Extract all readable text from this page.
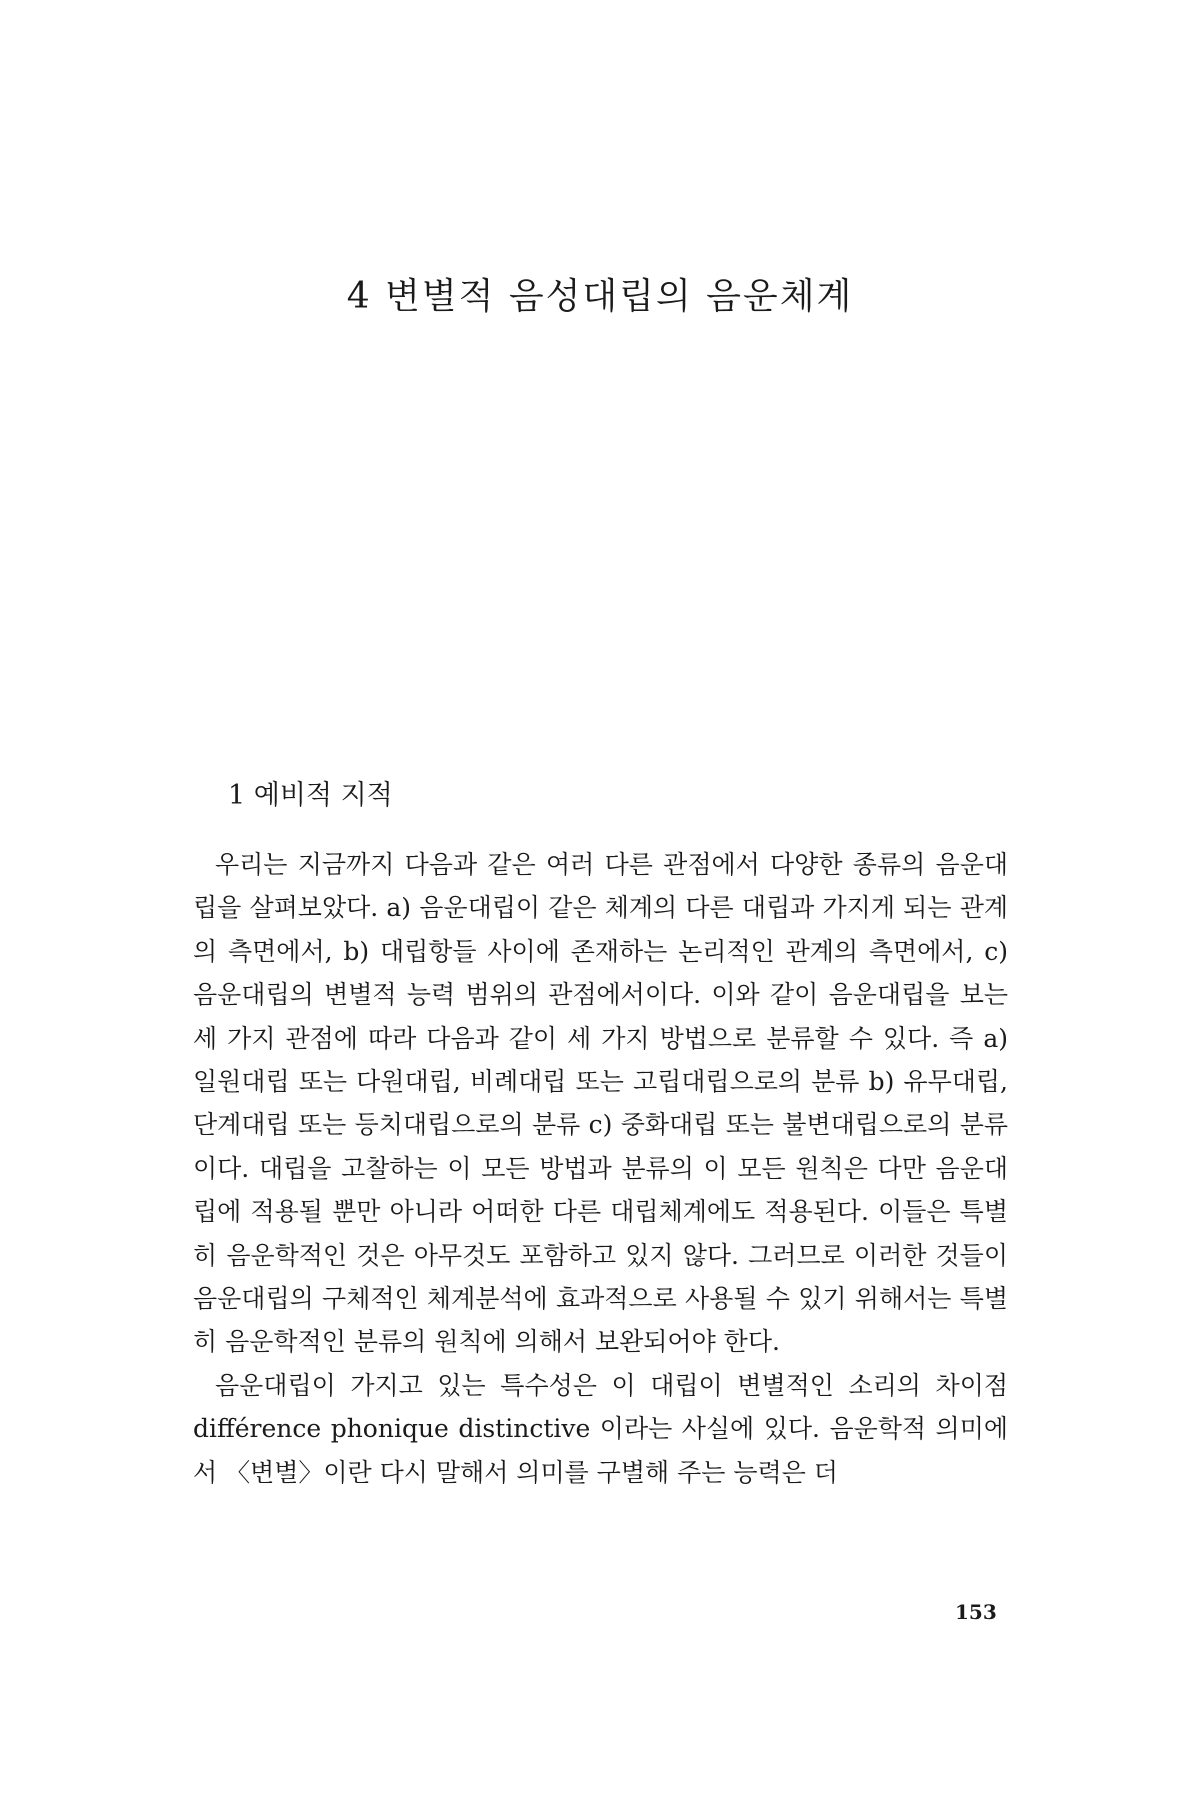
4 변별적 음성대립의 음운체계
1 예비적 지적

우리는 지금까지 다음과 같은 여러 다른 관점에서 다양한 종류의 음운대립을 살펴보았다. a) 음운대립이 같은 체계의 다른 대립과 가지게 되는 관계의 측면에서, b) 대립항들 사이에 존재하는 논리적인 관계의 측면에서, c) 음운대립의 변별적 능력 범위의 관점에서이다. 이와 같이 음운대립을 보는 세 가지 관점에 따라 다음과 같이 세 가지 방법으로 분류할 수 있다. 즉 a) 일원대립 또는 다원대립, 비례대립 또는 고립대립으로의 분류 b) 유무대립, 단계대립 또는 등치대립으로의 분류 c) 중화대립 또는 불변대립으로의 분류이다. 대립을 고찰하는 이 모든 방법과 분류의 이 모든 원칙은 다만 음운대립에 적용될 뿐만 아니라 어떠한 다른 대립체계에도 적용된다. 이들은 특별히 음운학적인 것은 아무것도 포함하고 있지 않다. 그러므로 이러한 것들이 음운대립의 구체적인 체계분석에 효과적으로 사용될 수 있기 위해서는 특별히 음운학적인 분류의 원칙에 의해서 보완되어야 한다.

음운대립이 가지고 있는 특수성은 이 대립이 변별적인 소리의 차이점 différence phonique distinctive 이라는 사실에 있다. 음운학적 의미에서 〈변별〉이란 다시 말해서 의미를 구별해 주는 능력은 더

153
